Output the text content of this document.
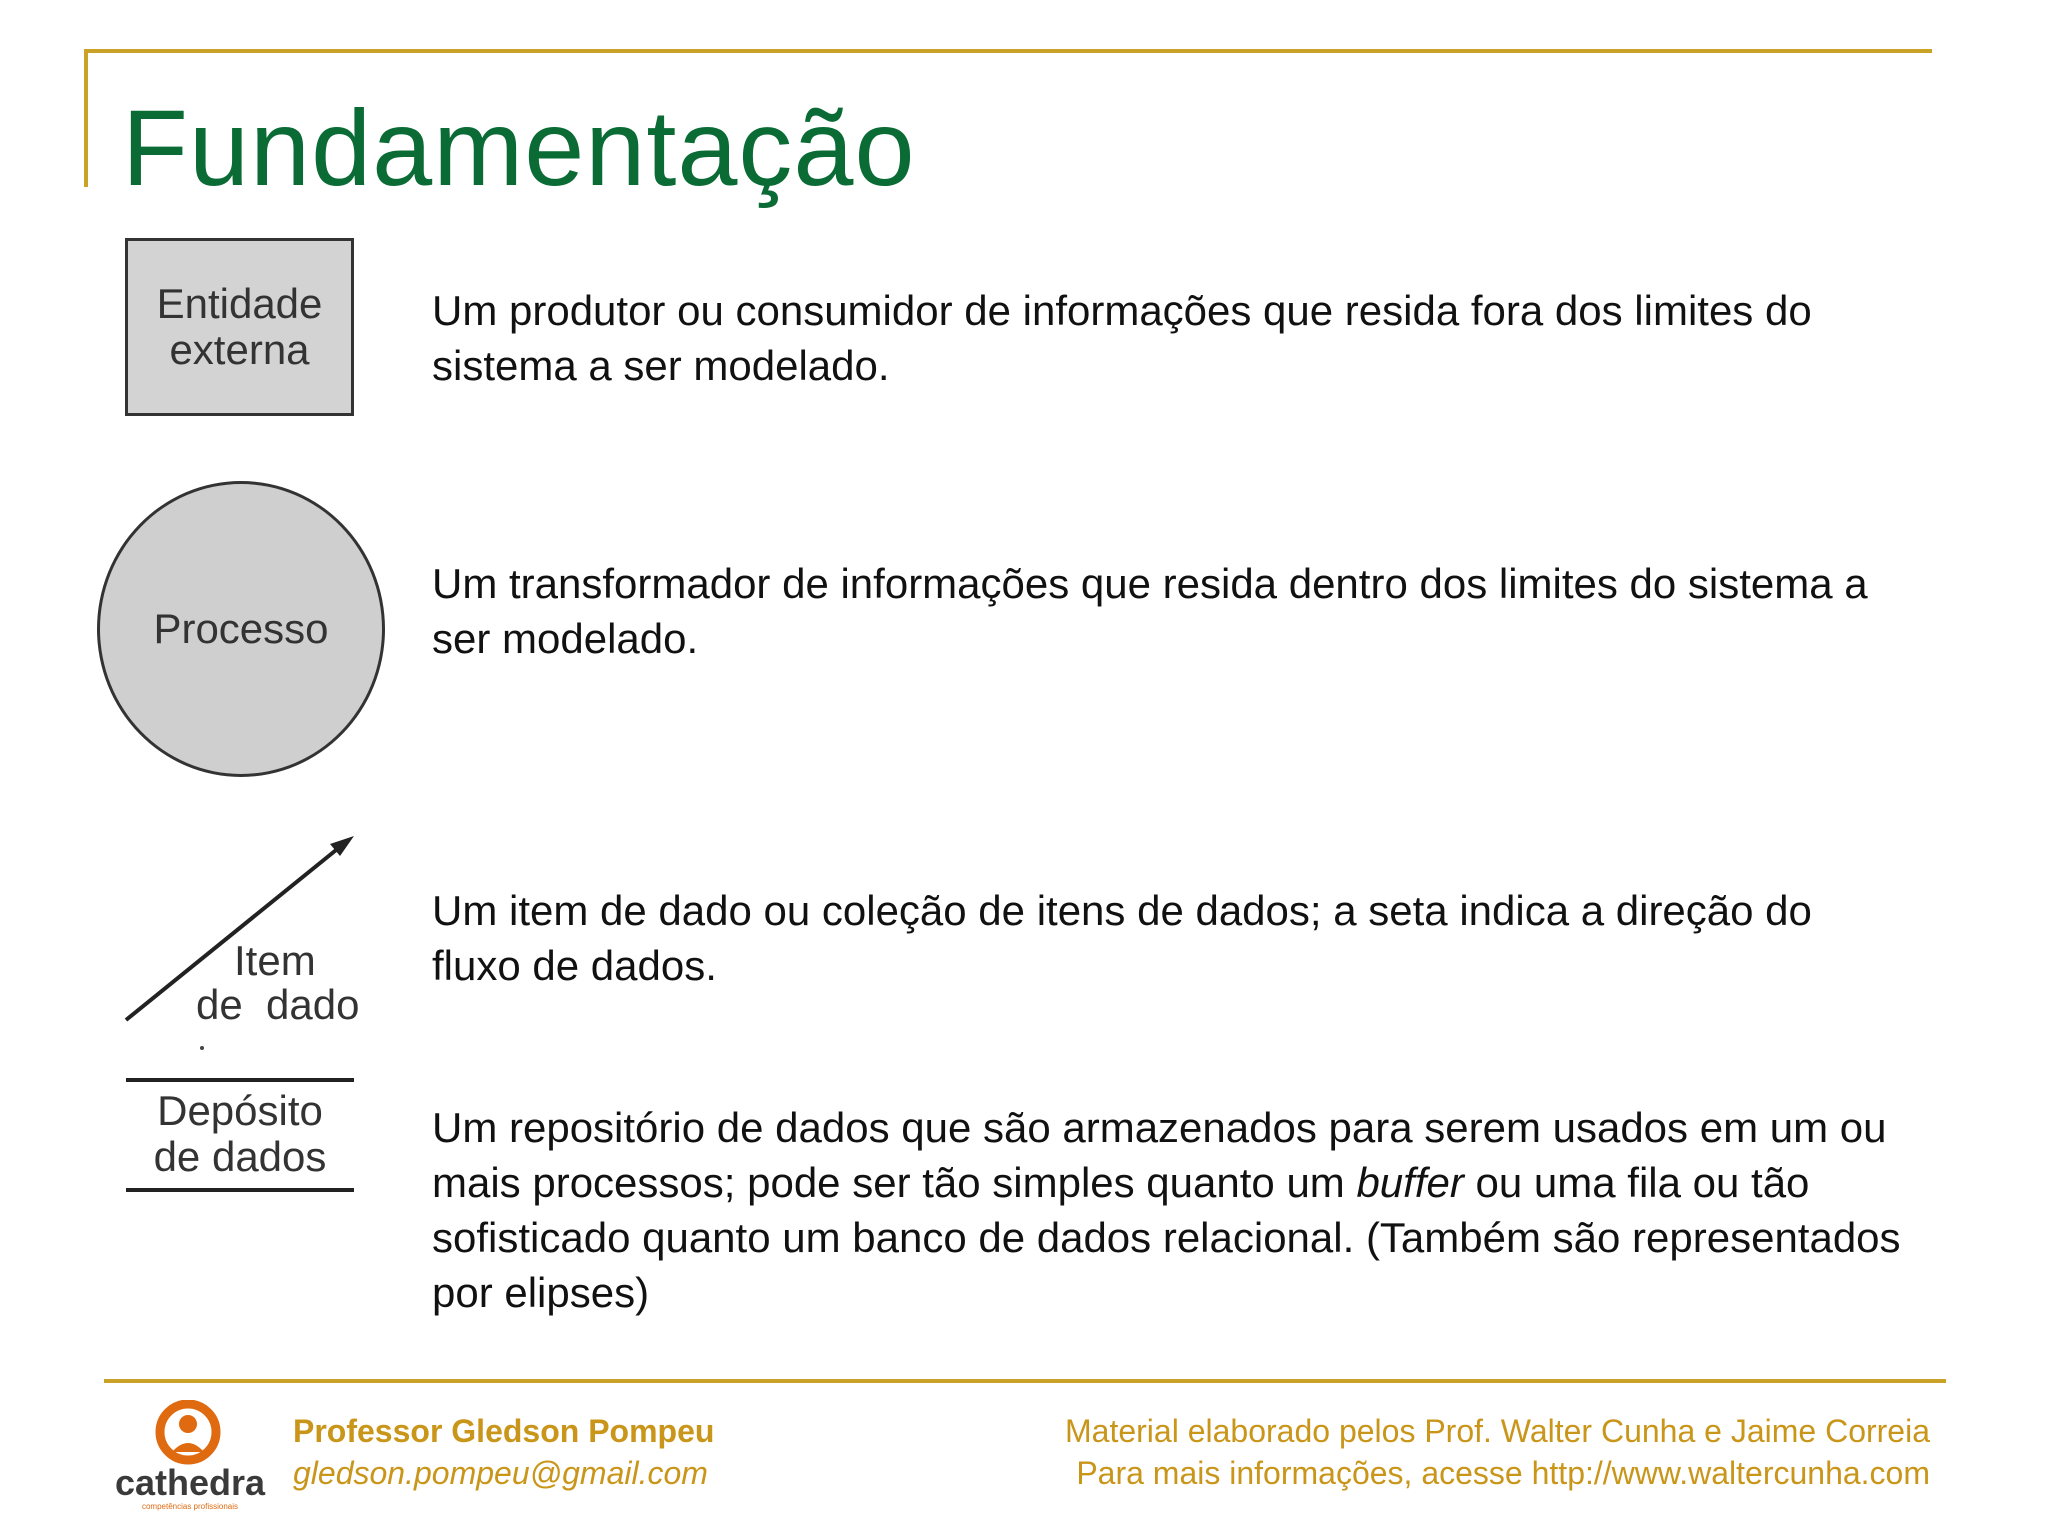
Fundamentação
Entidade
externa

Um produtor ou consumidor de informações que resida fora dos limites do sistema a ser modelado.

Processo

Um transformador de informações que resida dentro dos limites do sistema a ser modelado.

Item
de  dado

Um item de dado ou coleção de itens de dados; a seta indica a direção do fluxo de dados.

Depósito
de dados

Um repositório de dados que são armazenados para serem usados em um ou mais processos; pode ser tão simples quanto um buffer ou uma fila ou tão sofisticado quanto um banco de dados relacional. (Também são representados por elipses)

cathedra
competências profissionais
Professor Gledson Pompeu
gledson.pompeu@gmail.com
Material elaborado pelos Prof. Walter Cunha e Jaime Correia
Para mais informações, acesse http://www.waltercunha.com
